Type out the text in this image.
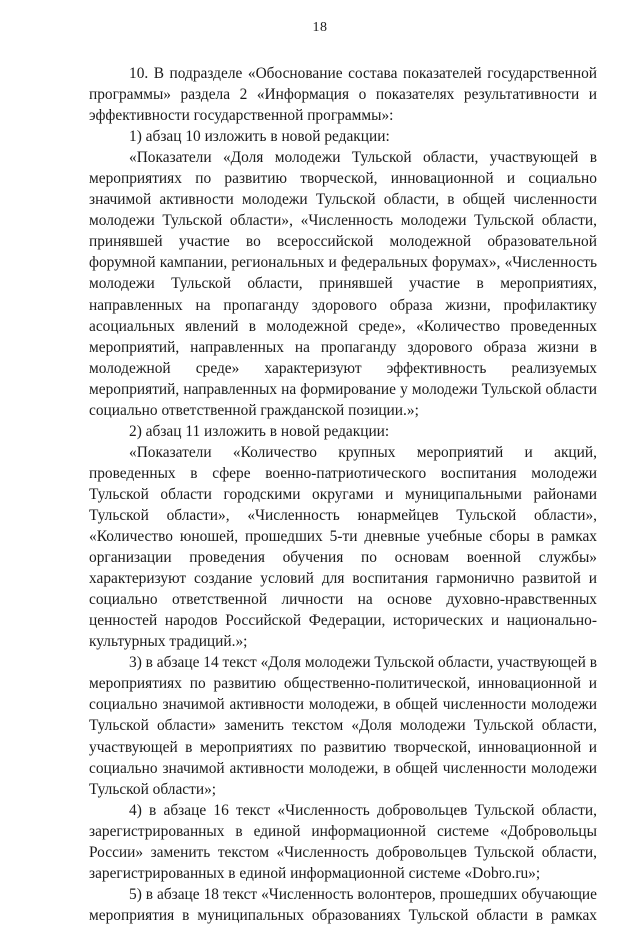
18

10. В подразделе «Обоснование состава показателей государственной программы» раздела 2 «Информация о показателях результативности и эффективности государственной программы»:

1) абзац 10 изложить в новой редакции:

«Показатели «Доля молодежи Тульской области, участвующей в мероприятиях по развитию творческой, инновационной и социально значимой активности молодежи Тульской области, в общей численности молодежи Тульской области», «Численность молодежи Тульской области, принявшей участие во всероссийской молодежной образовательной форумной кампании, региональных и федеральных форумах», «Численность молодежи Тульской области, принявшей участие в мероприятиях, направленных на пропаганду здорового образа жизни, профилактику асоциальных явлений в молодежной среде», «Количество проведенных мероприятий, направленных на пропаганду здорового образа жизни в молодежной среде» характеризуют эффективность реализуемых мероприятий, направленных на формирование у молодежи Тульской области социально ответственной гражданской позиции.»;

2) абзац 11 изложить в новой редакции:

«Показатели «Количество крупных мероприятий и акций, проведенных в сфере военно-патриотического воспитания молодежи Тульской области городскими округами и муниципальными районами Тульской области», «Численность юнармейцев Тульской области», «Количество юношей, прошедших 5-ти дневные учебные сборы в рамках организации проведения обучения по основам военной службы» характеризуют создание условий для воспитания гармонично развитой и социально ответственной личности на основе духовно-нравственных ценностей народов Российской Федерации, исторических и национально-культурных традиций.»;

3) в абзаце 14 текст «Доля молодежи Тульской области, участвующей в мероприятиях по развитию общественно-политической, инновационной и социально значимой активности молодежи, в общей численности молодежи Тульской области» заменить текстом «Доля молодежи Тульской области, участвующей в мероприятиях по развитию творческой, инновационной и социально значимой активности молодежи, в общей численности молодежи Тульской области»;

4) в абзаце 16 текст «Численность добровольцев Тульской области, зарегистрированных в единой информационной системе «Добровольцы России» заменить текстом «Численность добровольцев Тульской области, зарегистрированных в единой информационной системе «Dobro.ru»;

5) в абзаце 18 текст «Численность волонтеров, прошедших обучающие мероприятия в муниципальных образованиях Тульской области в рамках
